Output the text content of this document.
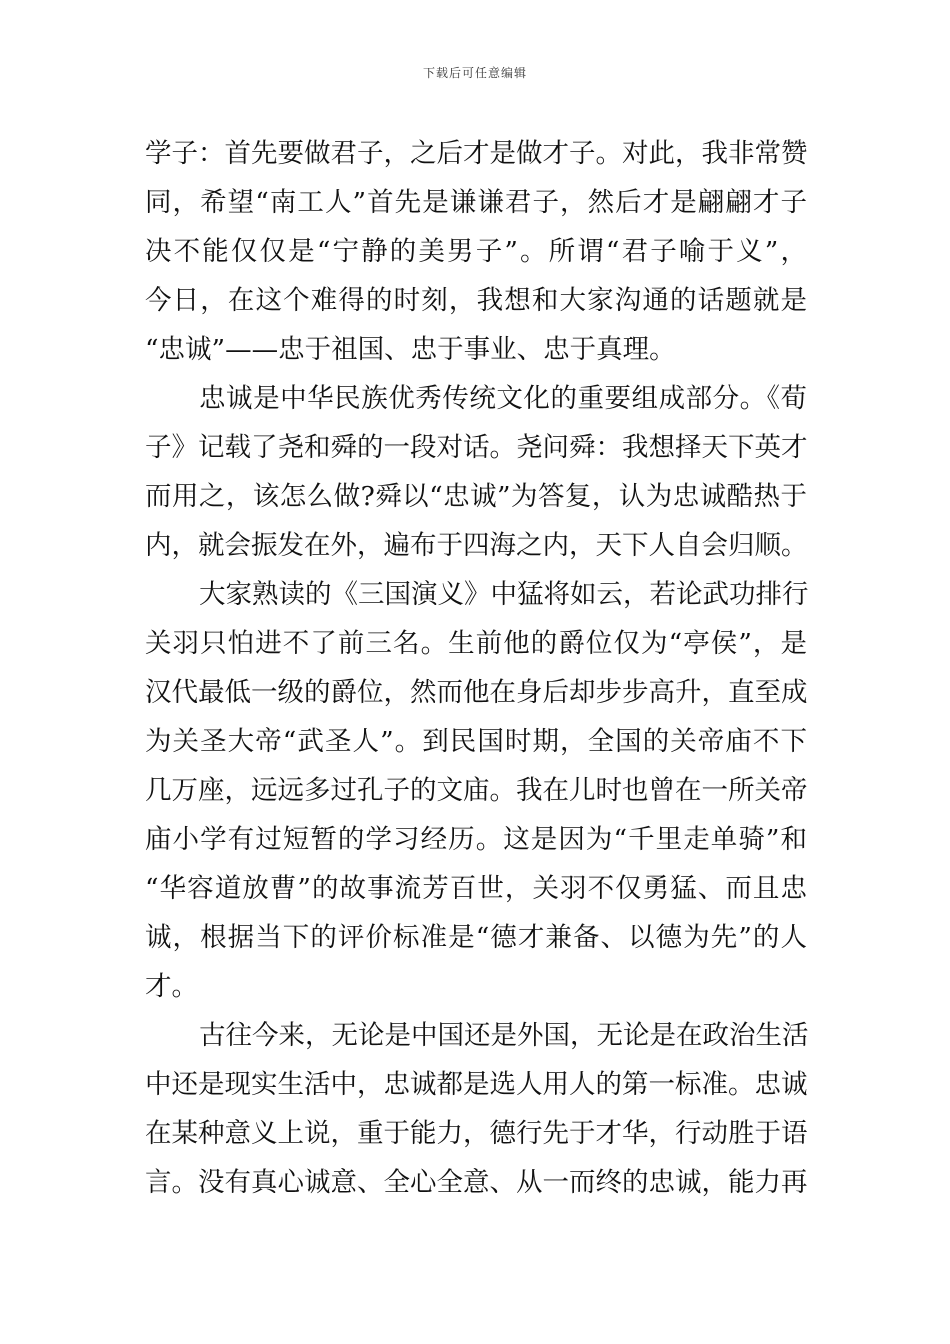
下载后可任意编辑
学子：首先要做君子，之后才是做才子。对此，我非常赞
同，希望“南工人”首先是谦谦君子，然后才是翩翩才子
决不能仅仅是“宁静的美男子”。所谓“君子喻于义”，
今日，在这个难得的时刻，我想和大家沟通的话题就是
“忠诚”——忠于祖国、忠于事业、忠于真理。
忠诚是中华民族优秀传统文化的重要组成部分。《荀
子》记载了尧和舜的一段对话。尧问舜：我想择天下英才
而用之，该怎么做?舜以“忠诚”为答复，认为忠诚酷热于
内，就会振发在外，遍布于四海之内，天下人自会归顺。
大家熟读的《三国演义》中猛将如云，若论武功排行
关羽只怕进不了前三名。生前他的爵位仅为“亭侯”，是
汉代最低一级的爵位，然而他在身后却步步高升，直至成
为关圣大帝“武圣人”。到民国时期，全国的关帝庙不下
几万座，远远多过孔子的文庙。我在儿时也曾在一所关帝
庙小学有过短暂的学习经历。这是因为“千里走单骑”和
“华容道放曹”的故事流芳百世，关羽不仅勇猛、而且忠
诚，根据当下的评价标准是“德才兼备、以德为先”的人
才。
古往今来，无论是中国还是外国，无论是在政治生活
中还是现实生活中，忠诚都是选人用人的第一标准。忠诚
在某种意义上说，重于能力，德行先于才华，行动胜于语
言。没有真心诚意、全心全意、从一而终的忠诚，能力再
